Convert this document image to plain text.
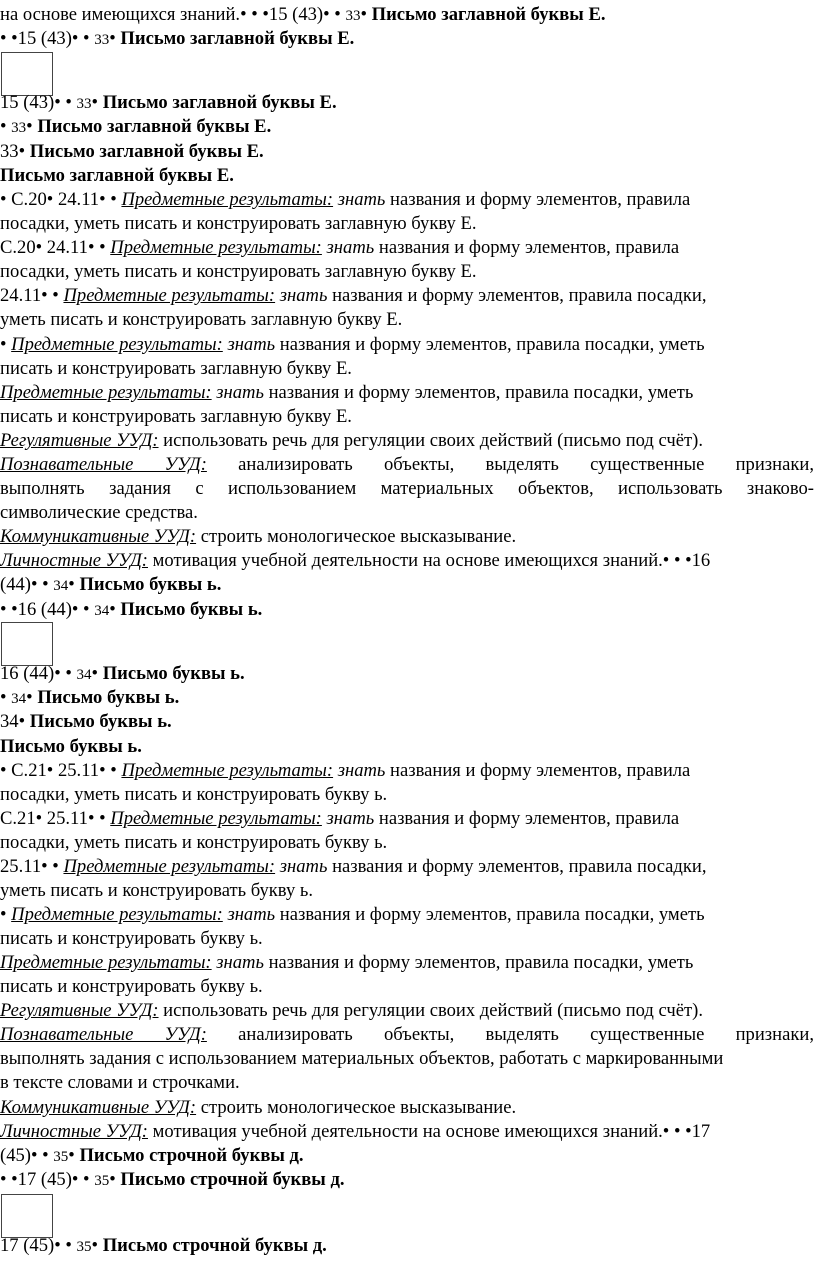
на основе имеющихся знаний.• • •15 (43)• • 33• Письмо заглавной буквы Е.
• •15 (43)• • 33• Письмо заглавной буквы Е.
15 (43)• • 33• Письмо заглавной буквы Е.
• 33• Письмо заглавной буквы Е.
33• Письмо заглавной буквы Е.
Письмо заглавной буквы Е.
• С.20• 24.11• • Предметные результаты: знать названия и форму элементов, правила
посадки, уметь писать и конструировать заглавную букву Е.
С.20• 24.11• • Предметные результаты: знать названия и форму элементов, правила
посадки, уметь писать и конструировать заглавную букву Е.
24.11• • Предметные результаты: знать названия и форму элементов, правила посадки,
уметь писать и конструировать заглавную букву Е.
• Предметные результаты: знать названия и форму элементов, правила посадки, уметь
писать и конструировать заглавную букву Е.
Предметные результаты: знать названия и форму элементов, правила посадки, уметь
писать и конструировать заглавную букву Е.
Регулятивные УУД: использовать речь для регуляции своих действий (письмо под счёт).
Познавательные УУД: анализировать объекты, выделять существенные признаки,
выполнять задания с использованием материальных объектов, использовать знаково-
символические средства.
Коммуникативные УУД: строить монологическое высказывание.
Личностные УУД: мотивация учебной деятельности на основе имеющихся знаний.• • •16
(44)• • 34• Письмо буквы ь.
• •16 (44)• • 34• Письмо буквы ь.
16 (44)• • 34• Письмо буквы ь.
• 34• Письмо буквы ь.
34• Письмо буквы ь.
Письмо буквы ь.
• С.21• 25.11• • Предметные результаты: знать названия и форму элементов, правила
посадки, уметь писать и конструировать букву ь.
С.21• 25.11• • Предметные результаты: знать названия и форму элементов, правила
посадки, уметь писать и конструировать букву ь.
25.11• • Предметные результаты: знать названия и форму элементов, правила посадки,
уметь писать и конструировать букву ь.
• Предметные результаты: знать названия и форму элементов, правила посадки, уметь
писать и конструировать букву ь.
Предметные результаты: знать названия и форму элементов, правила посадки, уметь
писать и конструировать букву ь.
Регулятивные УУД: использовать речь для регуляции своих действий (письмо под счёт).
Познавательные УУД: анализировать объекты, выделять существенные признаки,
выполнять задания с использованием материальных объектов, работать с маркированными
в тексте словами и строчками.
Коммуникативные УУД: строить монологическое высказывание.
Личностные УУД: мотивация учебной деятельности на основе имеющихся знаний.• • •17
(45)• • 35• Письмо строчной буквы д.
• •17 (45)• • 35• Письмо строчной буквы д.
17 (45)• • 35• Письмо строчной буквы д.
